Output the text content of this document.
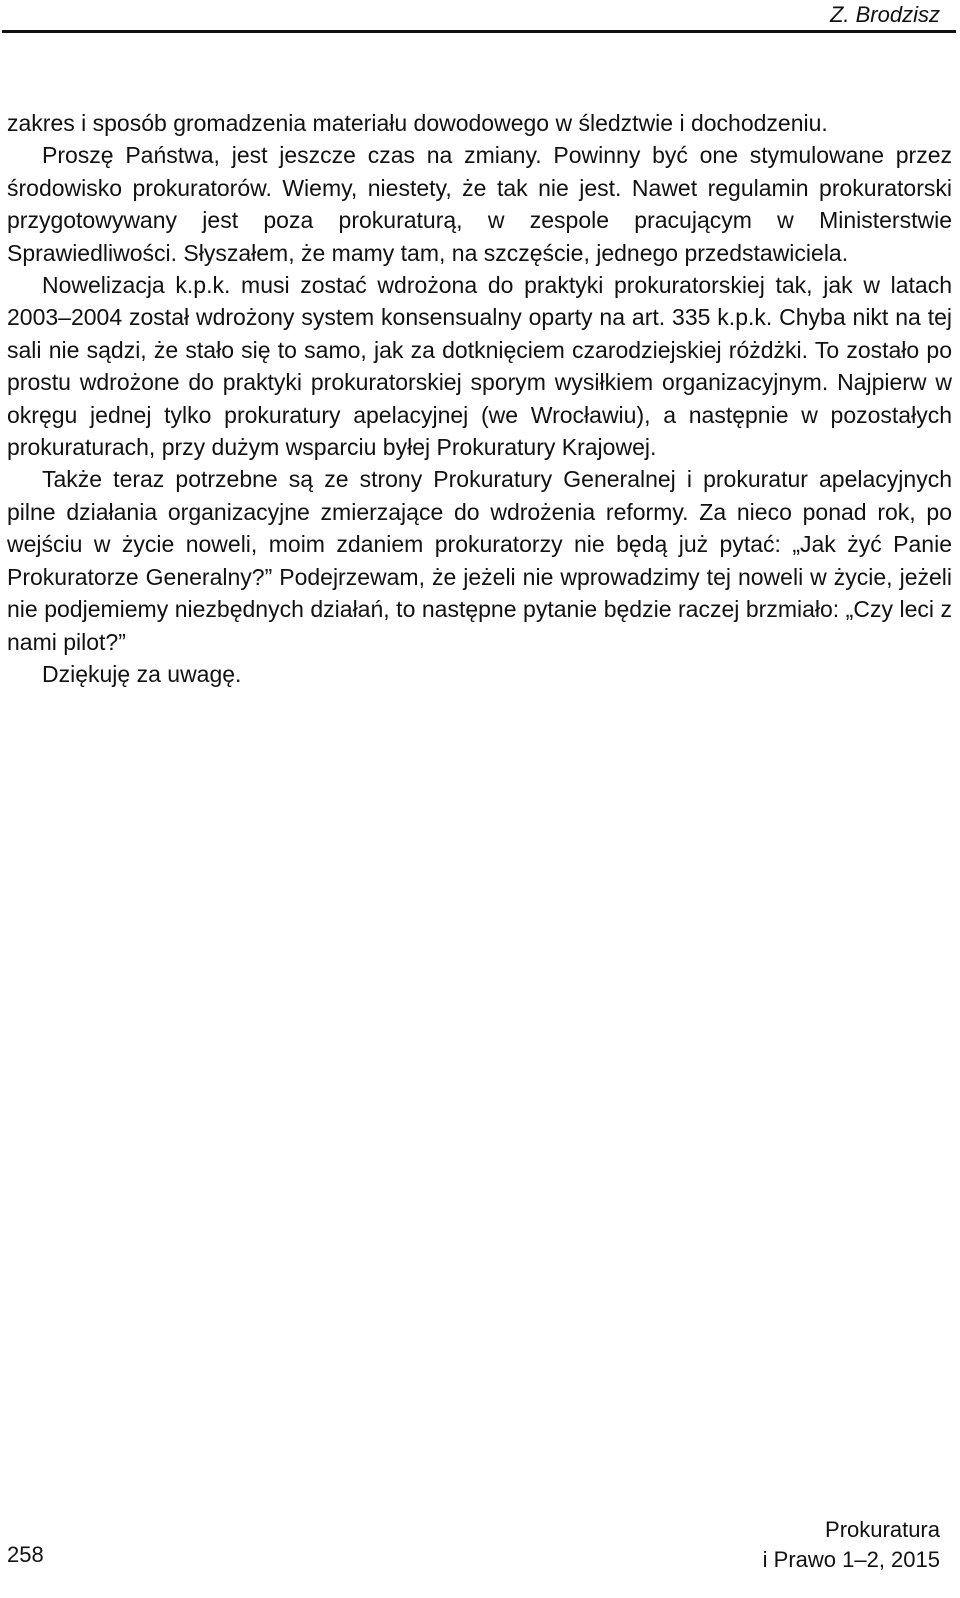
Z. Brodzisz

zakres i sposób gromadzenia materiału dowodowego w śledztwie i dochodzeniu.

Proszę Państwa, jest jeszcze czas na zmiany. Powinny być one stymulowane przez środowisko prokuratorów. Wiemy, niestety, że tak nie jest. Nawet regulamin prokuratorski przygotowywany jest poza prokuraturą, w zespole pracującym w Ministerstwie Sprawiedliwości. Słyszałem, że mamy tam, na szczęście, jednego przedstawiciela.

Nowelizacja k.p.k. musi zostać wdrożona do praktyki prokuratorskiej tak, jak w latach 2003–2004 został wdrożony system konsensualny oparty na art. 335 k.p.k. Chyba nikt na tej sali nie sądzi, że stało się to samo, jak za dotknięciem czarodziejskiej różdżki. To zostało po prostu wdrożone do praktyki prokuratorskiej sporym wysiłkiem organizacyjnym. Najpierw w okręgu jednej tylko prokuratury apelacyjnej (we Wrocławiu), a następnie w pozostałych prokuraturach, przy dużym wsparciu byłej Prokuratury Krajowej.

Także teraz potrzebne są ze strony Prokuratury Generalnej i prokuratur apelacyjnych pilne działania organizacyjne zmierzające do wdrożenia reformy. Za nieco ponad rok, po wejściu w życie noweli, moim zdaniem prokuratorzy nie będą już pytać: „Jak żyć Panie Prokuratorze Generalny?” Podejrzewam, że jeżeli nie wprowadzimy tej noweli w życie, jeżeli nie podjemiemy niezbędnych działań, to następne pytanie będzie raczej brzmiało: „Czy leci z nami pilot?”

Dziękuję za uwagę.

258
Prokuratura
i Prawo 1–2, 2015
